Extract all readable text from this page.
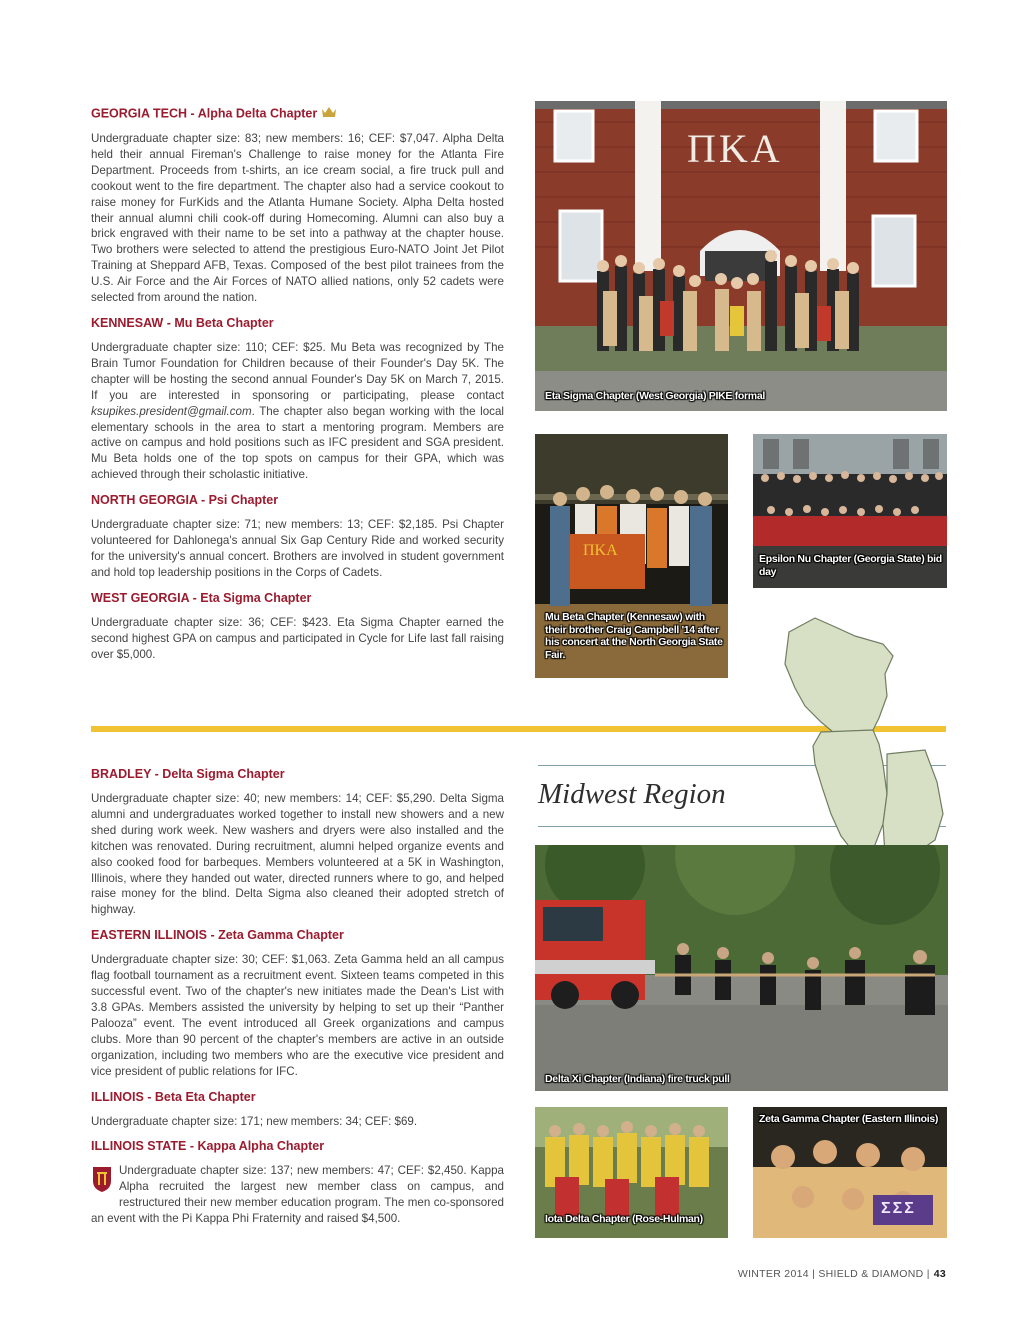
GEORGIA TECH - Alpha Delta Chapter

Undergraduate chapter size: 83; new members: 16; CEF: $7,047. Alpha Delta held their annual Fireman's Challenge to raise money for the Atlanta Fire Department. Proceeds from t-shirts, an ice cream social, a fire truck pull and cookout went to the fire department. The chapter also had a service cookout to raise money for FurKids and the Atlanta Humane Society. Alpha Delta hosted their annual alumni chili cook-off during Homecoming. Alumni can also buy a brick engraved with their name to be set into a pathway at the chapter house. Two brothers were selected to attend the prestigious Euro-NATO Joint Jet Pilot Training at Sheppard AFB, Texas. Composed of the best pilot trainees from the U.S. Air Force and the Air Forces of NATO allied nations, only 52 cadets were selected from around the nation.

KENNESAW - Mu Beta Chapter

Undergraduate chapter size: 110; CEF: $25. Mu Beta was recognized by The Brain Tumor Foundation for Children because of their Founder's Day 5K. The chapter will be hosting the second annual Founder's Day 5K on March 7, 2015. If you are interested in sponsoring or participating, please contact ksupikes.president@gmail.com. The chapter also began working with the local elementary schools in the area to start a mentoring program. Members are active on campus and hold positions such as IFC president and SGA president. Mu Beta holds one of the top spots on campus for their GPA, which was achieved through their scholastic initiative.

NORTH GEORGIA - Psi Chapter

Undergraduate chapter size: 71; new members: 13; CEF: $2,185. Psi Chapter volunteered for Dahlonega's annual Six Gap Century Ride and worked security for the university's annual concert. Brothers are involved in student government and hold top leadership positions in the Corps of Cadets.

WEST GEORGIA - Eta Sigma Chapter

Undergraduate chapter size: 36; CEF: $423. Eta Sigma Chapter earned the second highest GPA on campus and participated in Cycle for Life last fall raising over $5,000.

ΠΚΑ
Eta Sigma Chapter (West Georgia) PIKE formal
ΠΚΑ
Mu Beta Chapter (Kennesaw) with their brother Craig Campbell '14 after his concert at the North Georgia State Fair.
Epsilon Nu Chapter (Georgia State) bid day
Midwest Region

BRADLEY - Delta Sigma Chapter

Undergraduate chapter size: 40; new members: 14; CEF: $5,290. Delta Sigma alumni and undergraduates worked together to install new showers and a new shed during work week. New washers and dryers were also installed and the kitchen was renovated. During recruitment, alumni helped organize events and also cooked food for barbeques. Members volunteered at a 5K in Washington, Illinois, where they handed out water, directed runners where to go, and helped raise money for the blind. Delta Sigma also cleaned their adopted stretch of highway.

EASTERN ILLINOIS - Zeta Gamma Chapter

Undergraduate chapter size: 30; CEF: $1,063. Zeta Gamma held an all campus flag football tournament as a recruitment event. Sixteen teams competed in this successful event. Two of the chapter's new initiates made the Dean's List with 3.8 GPAs. Members assisted the university by helping to set up their “Panther Palooza” event. The event introduced all Greek organizations and campus clubs. More than 90 percent of the chapter's members are active in an outside organization, including two members who are the executive vice president and vice president of public relations for IFC.

ILLINOIS - Beta Eta Chapter

Undergraduate chapter size: 171; new members: 34; CEF: $69.

ILLINOIS STATE - Kappa Alpha Chapter

Undergraduate chapter size: 137; new members: 47; CEF: $2,450. Kappa Alpha recruited the largest new member class on campus, and restructured their new member education program. The men co-sponsored an event with the Pi Kappa Phi Fraternity and raised $4,500.

Delta Xi Chapter (Indiana) fire truck pull
Iota Delta Chapter (Rose-Hulman)
ΣΣΣ
Zeta Gamma Chapter (Eastern Illinois)
WINTER 2014 | SHIELD & DIAMOND | 43
